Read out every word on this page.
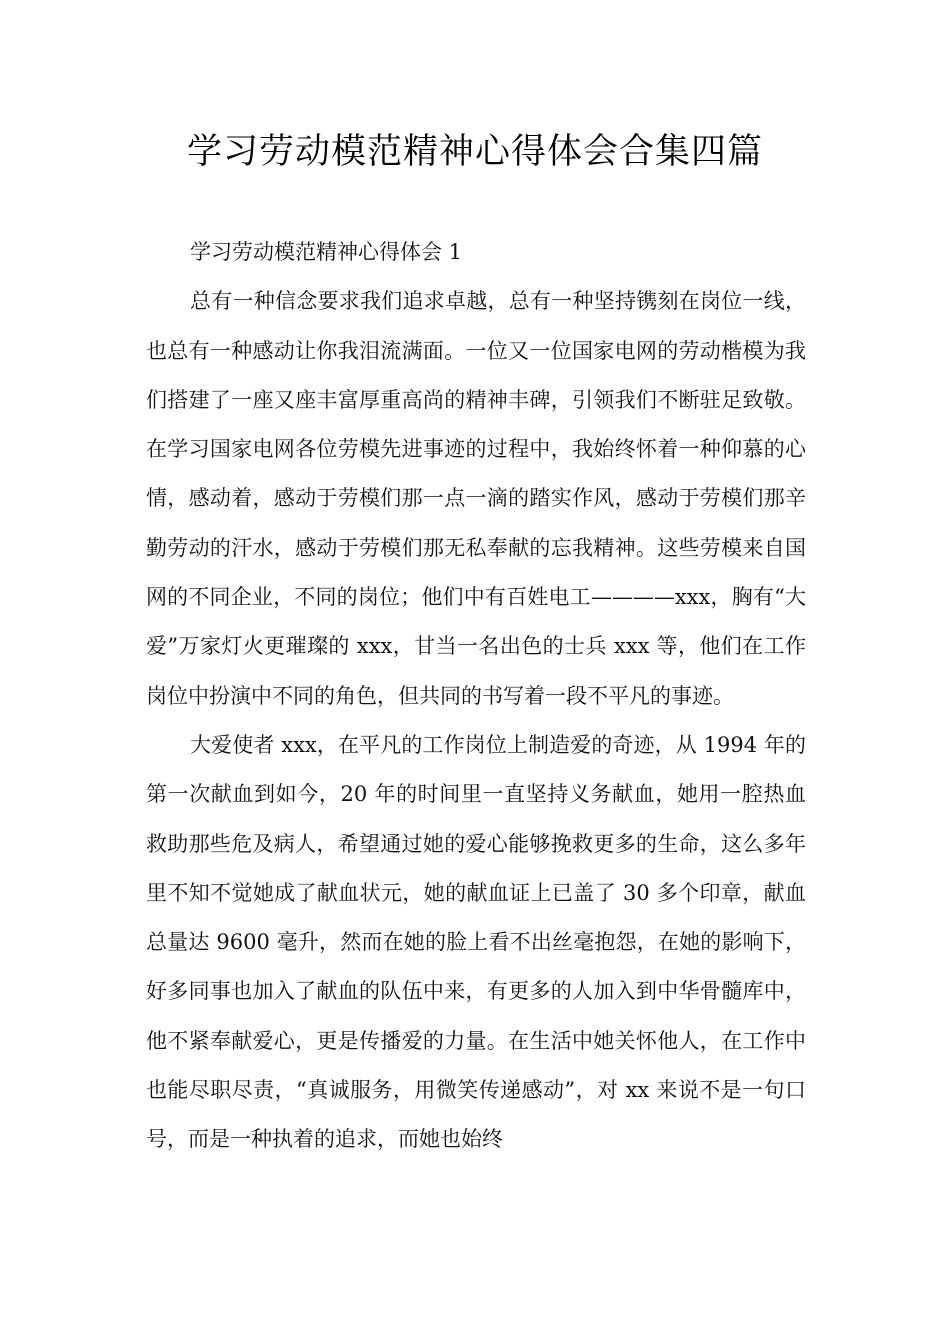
学习劳动模范精神心得体会合集四篇
学习劳动模范精神心得体会 1

总有一种信念要求我们追求卓越，总有一种坚持镌刻在岗位一线，也总有一种感动让你我泪流满面。一位又一位国家电网的劳动楷模为我们搭建了一座又座丰富厚重高尚的精神丰碑，引领我们不断驻足致敬。在学习国家电网各位劳模先进事迹的过程中，我始终怀着一种仰慕的心情，感动着，感动于劳模们那一点一滴的踏实作风，感动于劳模们那辛勤劳动的汗水，感动于劳模们那无私奉献的忘我精神。这些劳模来自国网的不同企业，不同的岗位；他们中有百姓电工————xxx，胸有“大爱”万家灯火更璀璨的 xxx，甘当一名出色的士兵 xxx 等，他们在工作岗位中扮演中不同的角色，但共同的书写着一段不平凡的事迹。

大爱使者 xxx，在平凡的工作岗位上制造爱的奇迹，从 1994 年的第一次献血到如今，20 年的时间里一直坚持义务献血，她用一腔热血救助那些危及病人，希望通过她的爱心能够挽救更多的生命，这么多年里不知不觉她成了献血状元，她的献血证上已盖了 30 多个印章，献血总量达 9600 毫升，然而在她的脸上看不出丝毫抱怨，在她的影响下，好多同事也加入了献血的队伍中来，有更多的人加入到中华骨髓库中，他不紧奉献爱心，更是传播爱的力量。在生活中她关怀他人，在工作中也能尽职尽责，“真诚服务，用微笑传递感动”，对 xx 来说不是一句口号，而是一种执着的追求，而她也始终
